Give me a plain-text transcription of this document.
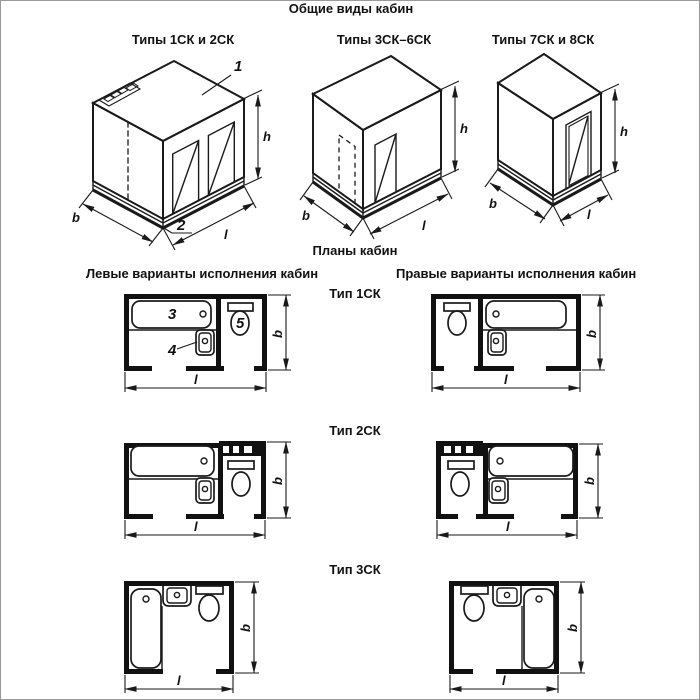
Общие виды кабин
Типы 1СК и 2СК	Типы 3СК–6СК	Типы 7СК и 8СК
Планы кабин
Левые варианты исполнения кабин	Правые варианты исполнения кабин
Тип 1СК
Тип 2СК
Тип 3СК
1
2
b
l
h
b
l
h
b
l
h
3
4
5
b
l
b
l
b
l
b
l
b
l
b
l
